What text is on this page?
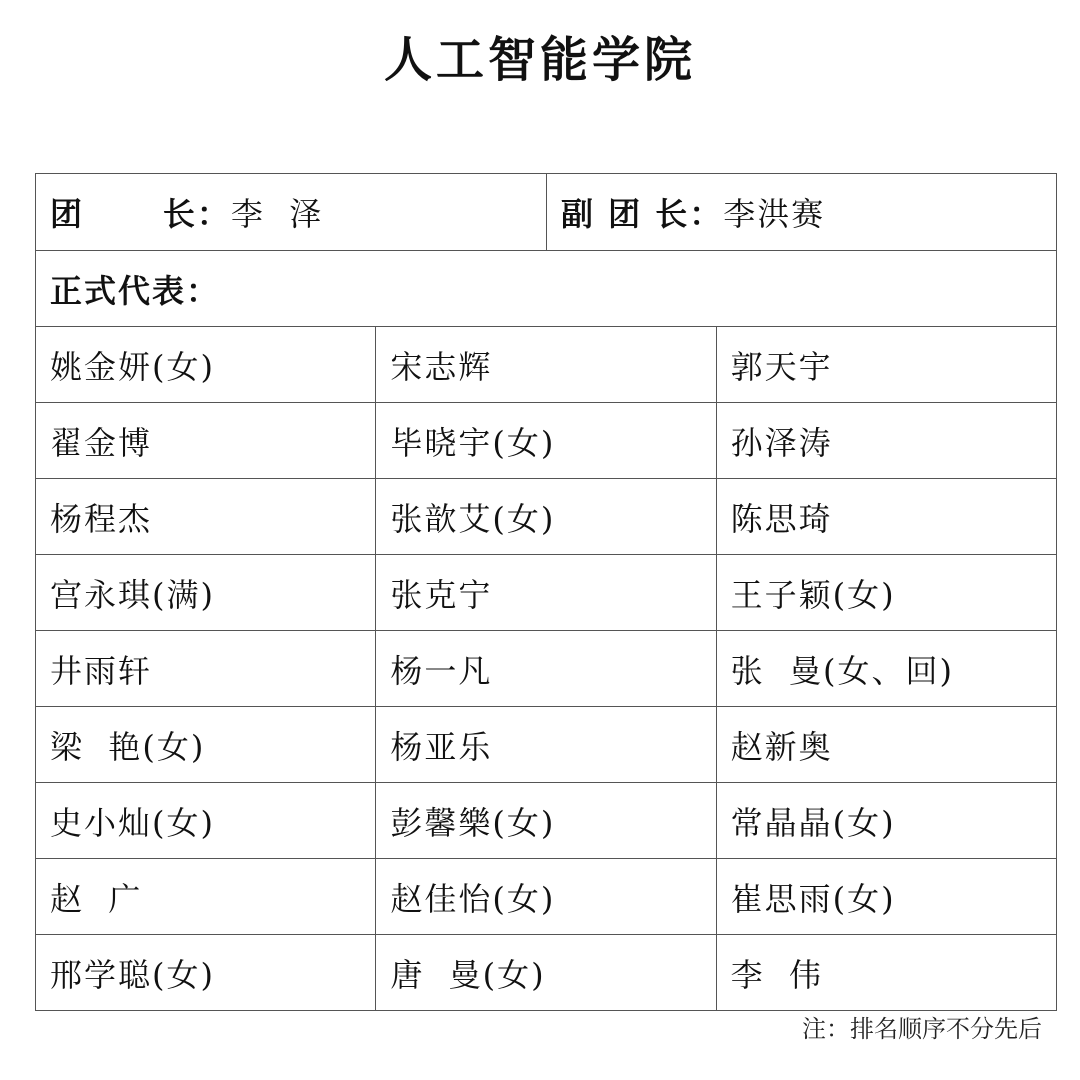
人工智能学院
团      长： 李  泽	副 团 长： 李洪赛
正式代表：
姚金妍(女)	宋志辉	郭天宇
翟金博	毕晓宇(女)	孙泽涛
杨程杰	张歆艾(女)	陈思琦
宫永琪(满)	张克宁	王子颖(女)
井雨轩	杨一凡	张  曼(女、回)
梁  艳(女)	杨亚乐	赵新奥
史小灿(女)	彭馨樂(女)	常晶晶(女)
赵  广	赵佳怡(女)	崔思雨(女)
邢学聪(女)	唐  曼(女)	李  伟
注：排名顺序不分先后
